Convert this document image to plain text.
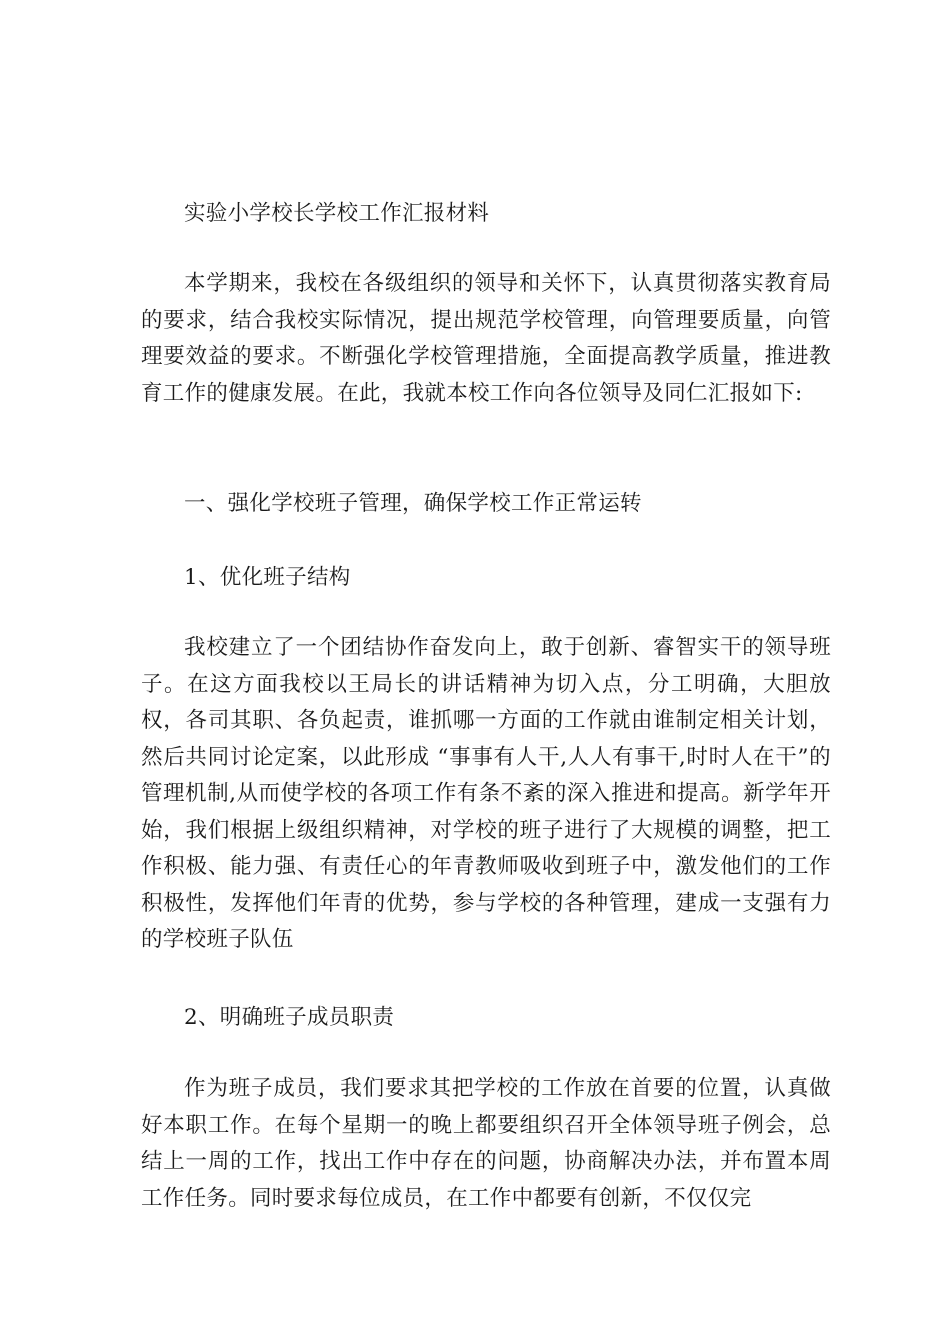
实验小学校长学校工作汇报材料

本学期来，我校在各级组织的领导和关怀下，认真贯彻落实教育局的要求，结合我校实际情况，提出规范学校管理，向管理要质量，向管理要效益的要求。不断强化学校管理措施，全面提高教学质量，推进教育工作的健康发展。在此，我就本校工作向各位领导及同仁汇报如下:

一、强化学校班子管理，确保学校工作正常运转

1、优化班子结构

我校建立了一个团结协作奋发向上，敢于创新、睿智实干的领导班子。在这方面我校以王局长的讲话精神为切入点，分工明确，大胆放权，各司其职、各负起责，谁抓哪一方面的工作就由谁制定相关计划，然后共同讨论定案，以此形成 “事事有人干,人人有事干,时时人在干”的管理机制,从而使学校的各项工作有条不紊的深入推进和提高。新学年开始，我们根据上级组织精神，对学校的班子进行了大规模的调整，把工作积极、能力强、有责任心的年青教师吸收到班子中，激发他们的工作积极性，发挥他们年青的优势，参与学校的各种管理，建成一支强有力的学校班子队伍

2、明确班子成员职责

作为班子成员，我们要求其把学校的工作放在首要的位置，认真做好本职工作。在每个星期一的晚上都要组织召开全体领导班子例会，总结上一周的工作，找出工作中存在的问题，协商解决办法，并布置本周工作任务。同时要求每位成员，在工作中都要有创新，不仅仅完
